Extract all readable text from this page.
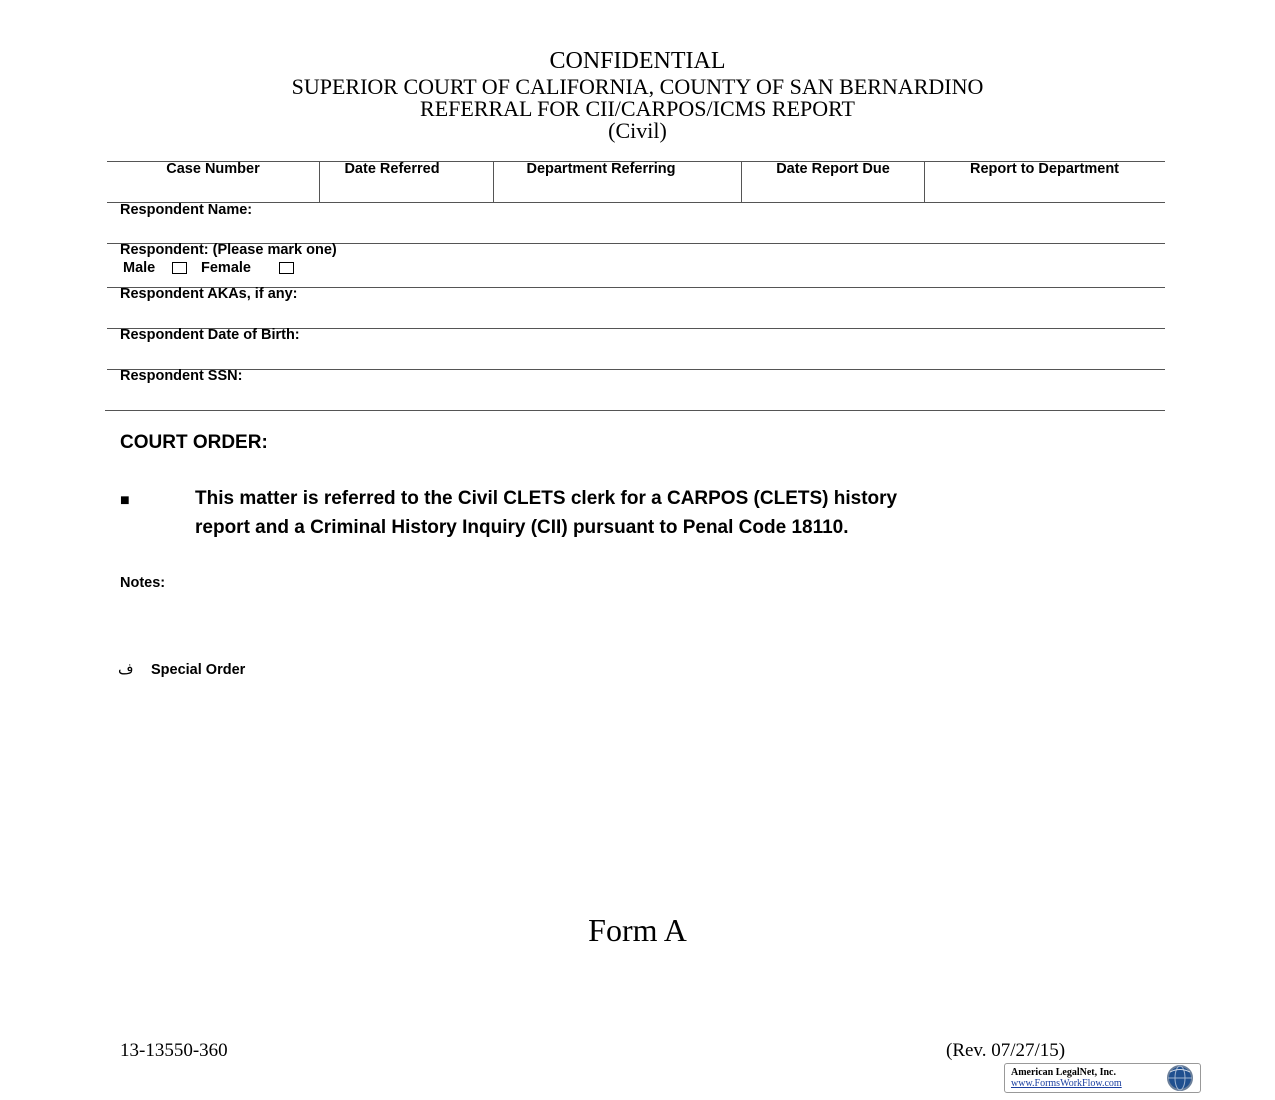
CONFIDENTIAL
SUPERIOR COURT OF CALIFORNIA, COUNTY OF SAN BERNARDINO
REFERRAL FOR CII/CARPOS/ICMS REPORT
(Civil)
Case Number	Date Referred	Department Referring	Date Report Due	Report to Department
Respondent Name:
Respondent: (Please mark one)
Male	Female
Respondent AKAs, if any:
Respondent Date of Birth:
Respondent SSN:
COURT ORDER:
■	This matter is referred to the Civil CLETS clerk for a CARPOS (CLETS) history
report and a Criminal History Inquiry (CII) pursuant to Penal Code 18110.
Notes:
ف Special Order
Form A
13-13550-360	(Rev. 07/27/15)
American LegalNet, Inc.
www.FormsWorkFlow.com
